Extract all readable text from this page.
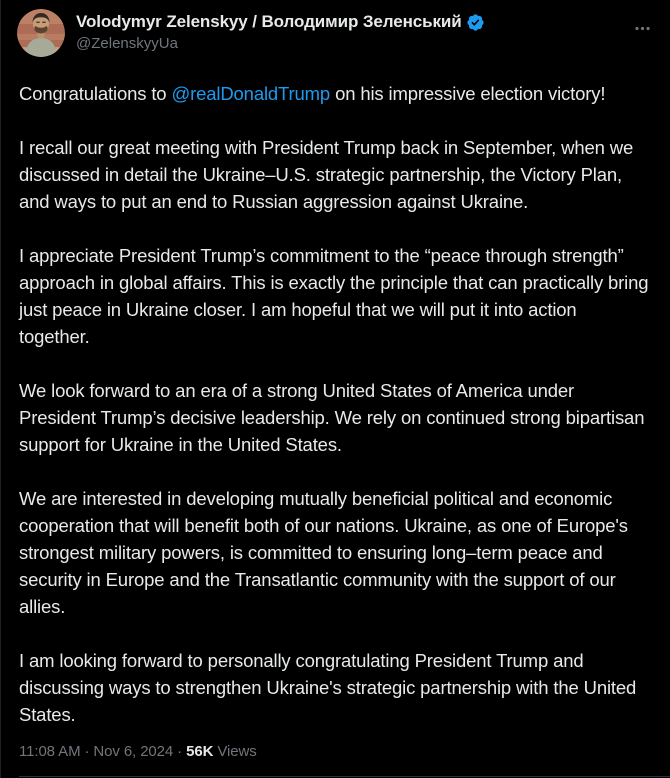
Volodymyr Zelenskyy / Володимир Зеленський
@ZelenskyyUa

Congratulations to @realDonaldTrump on his impressive election victory!

I recall our great meeting with President Trump back in September, when we discussed in detail the Ukraine–U.S. strategic partnership, the Victory Plan, and ways to put an end to Russian aggression against Ukraine.

I appreciate President Trump’s commitment to the “peace through strength” approach in global affairs. This is exactly the principle that can practically bring just peace in Ukraine closer. I am hopeful that we will put it into action together.

We look forward to an era of a strong United States of America under President Trump’s decisive leadership. We rely on continued strong bipartisan support for Ukraine in the United States.

We are interested in developing mutually beneficial political and economic cooperation that will benefit both of our nations. Ukraine, as one of Europe's strongest military powers, is committed to ensuring long–term peace and security in Europe and the Transatlantic community with the support of our allies.

I am looking forward to personally congratulating President Trump and discussing ways to strengthen Ukraine's strategic partnership with the United States.

11:08 AM · Nov 6, 2024 · 56K Views
